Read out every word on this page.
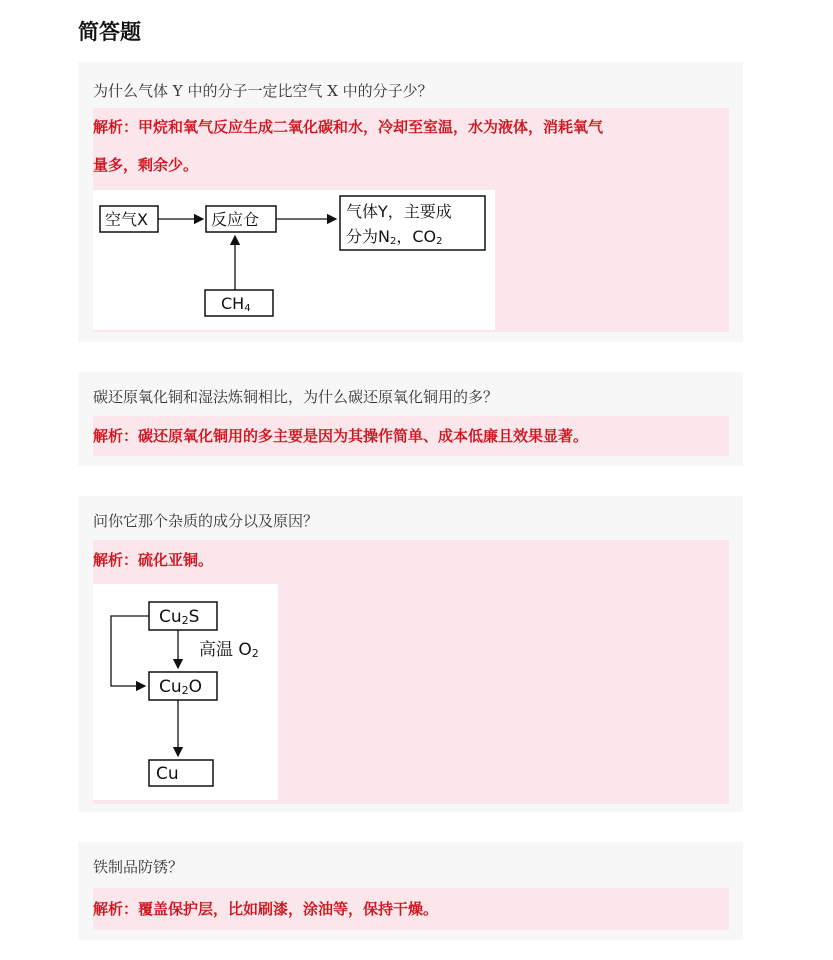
简答题
为什么气体 Y 中的分子一定比空气 X 中的分子少？
解析：甲烷和氧气反应生成二氧化碳和水，冷却至室温，水为液体，消耗氧气
量多，剩余少。
空气X	反应仓	气体Y，主要成
分为N2，CO2
CH4
碳还原氧化铜和湿法炼铜相比，为什么碳还原氧化铜用的多？
解析：碳还原氧化铜用的多主要是因为其操作简单、成本低廉且效果显著。
问你它那个杂质的成分以及原因？
解析：硫化亚铜。
Cu2S
高温 O2
Cu2O
Cu
铁制品防锈？
解析：覆盖保护层，比如刷漆，涂油等，保持干燥。
